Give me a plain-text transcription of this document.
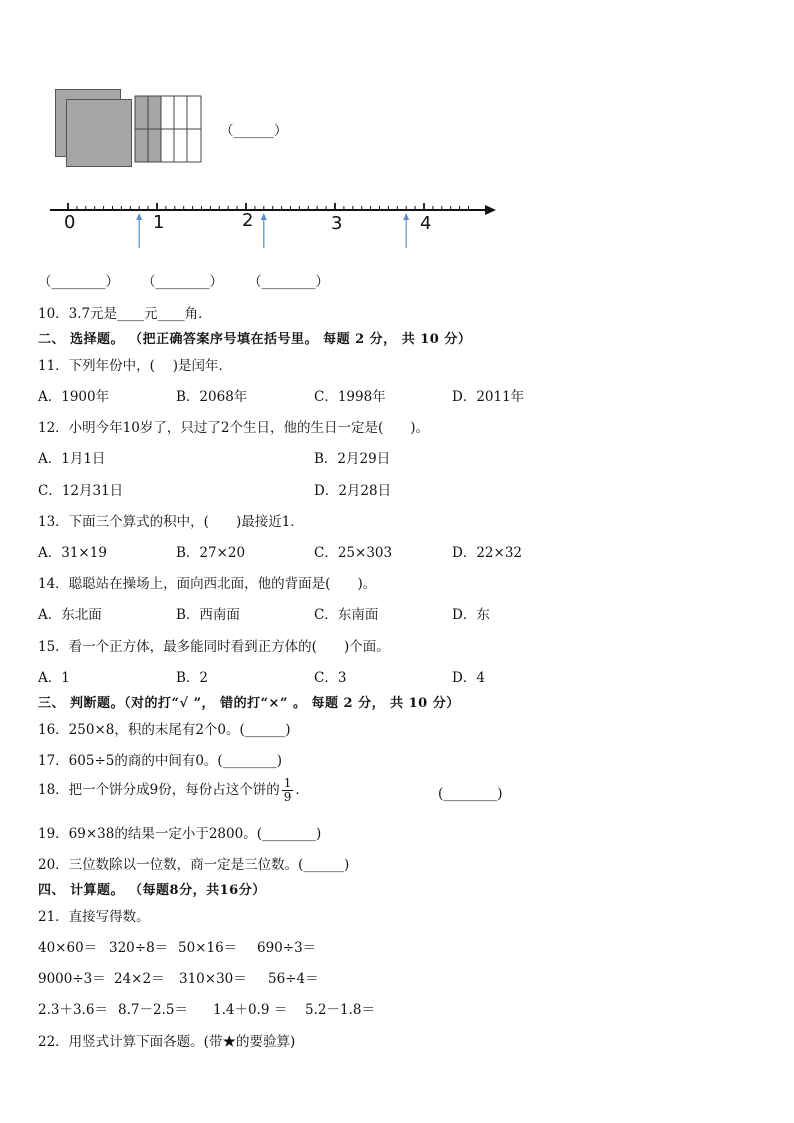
（______）
0	1	2	3	4
（________） （________） （________）
10．3.7元是____元____角．
二、 选择题。 （把正确答案序号填在括号里。 每题 2 分， 共 10 分）
11．下列年份中，(　 )是闰年．
A．1900年	B．2068年	C．1998年	D．2011年
12．小明今年10岁了，只过了2个生日，他的生日一定是(　　)。
A．1月1日	B．2月29日
C．12月31日	D．2月28日
13．下面三个算式的积中，(　　)最接近1．
A．31×19	B．27×20	C．25×303	D．22×32
14．聪聪站在操场上，面向西北面，他的背面是(　　)。
A．东北面	B．西南面	C．东南面	D．东
15．看一个正方体，最多能同时看到正方体的(　　)个面。
A．1	B．2	C．3	D．4
三、 判断题。（对的打“√ ”， 错的打“×” 。 每题 2 分， 共 10 分）
16．250×8，积的末尾有2个0。(______)
17．605÷5的商的中间有0。(________)
18．把一个饼分成9份，每份占这个饼的 $\frac{1}{9}$ ．	(________)
19．69×38的结果一定小于2800。(________)
20．三位数除以一位数，商一定是三位数。(______)
四、 计算题。 （每题8分，共16分）
21．直接写得数。
40×60＝ 320÷8＝ 50×16＝ 690÷3＝
9000÷3＝ 24×2＝ 310×30＝ 56÷4＝
2.3＋3.6＝ 8.7－2.5＝ 1.4＋0.9 ＝ 5.2－1.8＝
22．用竖式计算下面各题。(带★的要验算)
